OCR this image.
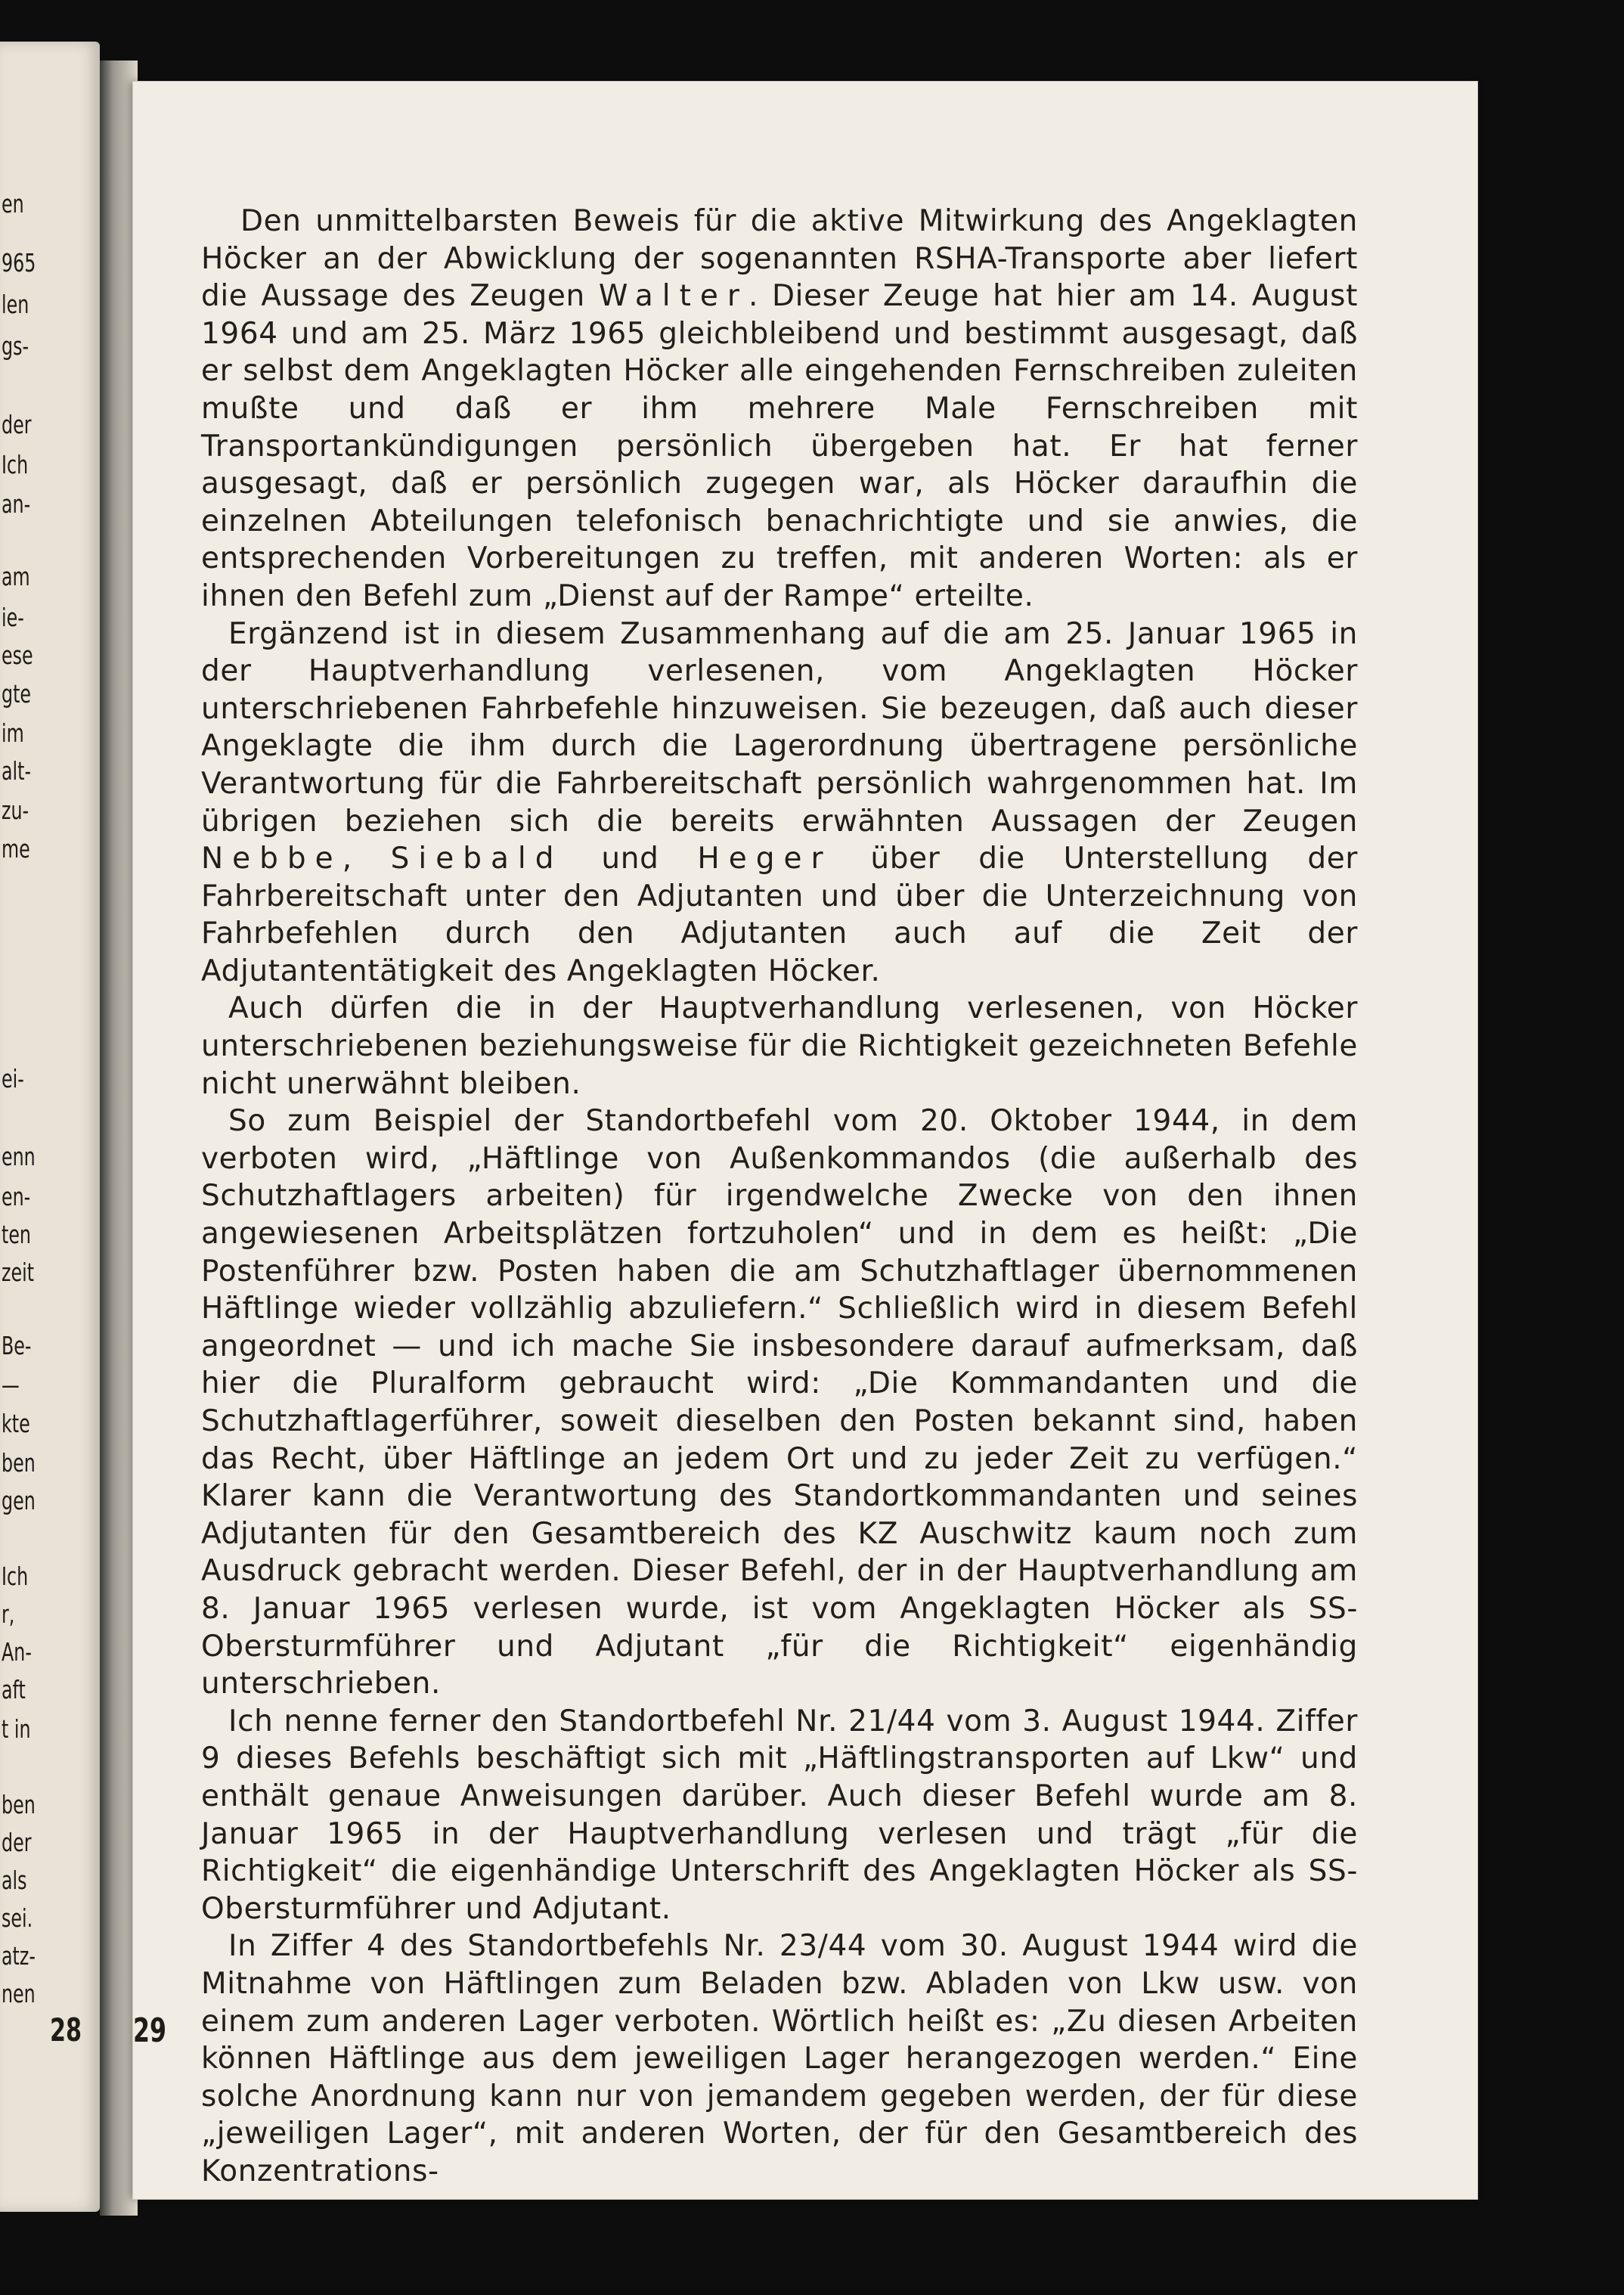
en
965
len
gs-
der
Ich
an-
am
ie-
ese
gte
im
alt-
zu-
me
ei-
enn
en-
ten
zeit
Be-
—
kte
ben
gen
Ich
r,
An-
aft
t in
ben
der
als
sei.
atz-
nen
28

Den unmittelbarsten Beweis für die aktive Mitwirkung des Angeklagten Höcker an der Abwicklung der sogenannten RSHA-Transporte aber liefert die Aussage des Zeugen Walter. Dieser Zeuge hat hier am 14. August 1964 und am 25. März 1965 gleichbleibend und bestimmt ausgesagt, daß er selbst dem Angeklagten Höcker alle eingehenden Fernschreiben zuleiten mußte und daß er ihm mehrere Male Fernschreiben mit Transportankündigungen persönlich übergeben hat. Er hat ferner ausgesagt, daß er persönlich zugegen war, als Höcker daraufhin die einzelnen Abteilungen telefonisch benachrichtigte und sie anwies, die entsprechenden Vorbereitungen zu treffen, mit anderen Worten: als er ihnen den Befehl zum „Dienst auf der Rampe“ erteilte.

Ergänzend ist in diesem Zusammenhang auf die am 25. Januar 1965 in der Hauptverhandlung verlesenen, vom Angeklagten Höcker unterschriebenen Fahrbefehle hinzuweisen. Sie bezeugen, daß auch dieser Angeklagte die ihm durch die Lagerordnung übertragene persönliche Verantwortung für die Fahrbereitschaft persönlich wahrgenommen hat. Im übrigen beziehen sich die bereits erwähnten Aussagen der Zeugen Nebbe, Siebald und Heger über die Unterstellung der Fahrbereitschaft unter den Adjutanten und über die Unterzeichnung von Fahrbefehlen durch den Adjutanten auch auf die Zeit der Adjutantentätigkeit des Angeklagten Höcker.

Auch dürfen die in der Hauptverhandlung verlesenen, von Höcker unterschriebenen beziehungsweise für die Richtigkeit gezeichneten Befehle nicht unerwähnt bleiben.

So zum Beispiel der Standortbefehl vom 20. Oktober 1944, in dem verboten wird, „Häftlinge von Außenkommandos (die außerhalb des Schutzhaftlagers arbeiten) für irgendwelche Zwecke von den ihnen angewiesenen Arbeitsplätzen fortzuholen“ und in dem es heißt: „Die Postenführer bzw. Posten haben die am Schutzhaftlager übernommenen Häftlinge wieder vollzählig abzuliefern.“ Schließlich wird in diesem Befehl angeordnet — und ich mache Sie insbesondere darauf aufmerksam, daß hier die Pluralform gebraucht wird: „Die Kommandanten und die Schutzhaftlagerführer, soweit dieselben den Posten bekannt sind, haben das Recht, über Häftlinge an jedem Ort und zu jeder Zeit zu verfügen.“ Klarer kann die Verantwortung des Standortkommandanten und seines Adjutanten für den Gesamtbereich des KZ Auschwitz kaum noch zum Ausdruck gebracht werden. Dieser Befehl, der in der Hauptverhandlung am 8. Januar 1965 verlesen wurde, ist vom Angeklagten Höcker als SS-Obersturmführer und Adjutant „für die Richtigkeit“ eigenhändig unterschrieben.

Ich nenne ferner den Standortbefehl Nr. 21/44 vom 3. August 1944. Ziffer 9 dieses Befehls beschäftigt sich mit „Häftlingstransporten auf Lkw“ und enthält genaue Anweisungen darüber. Auch dieser Befehl wurde am 8. Januar 1965 in der Hauptverhandlung verlesen und trägt „für die Richtigkeit“ die eigenhändige Unterschrift des Angeklagten Höcker als SS-Obersturmführer und Adjutant.

In Ziffer 4 des Standortbefehls Nr. 23/44 vom 30. August 1944 wird die Mitnahme von Häftlingen zum Beladen bzw. Abladen von Lkw usw. von einem zum anderen Lager verboten. Wörtlich heißt es: „Zu diesen Arbeiten können Häftlinge aus dem jeweiligen Lager herangezogen werden.“ Eine solche Anordnung kann nur von jemandem gegeben werden, der für diese „jeweiligen Lager“, mit anderen Worten, der für den Gesamtbereich des Konzentrations-

29
